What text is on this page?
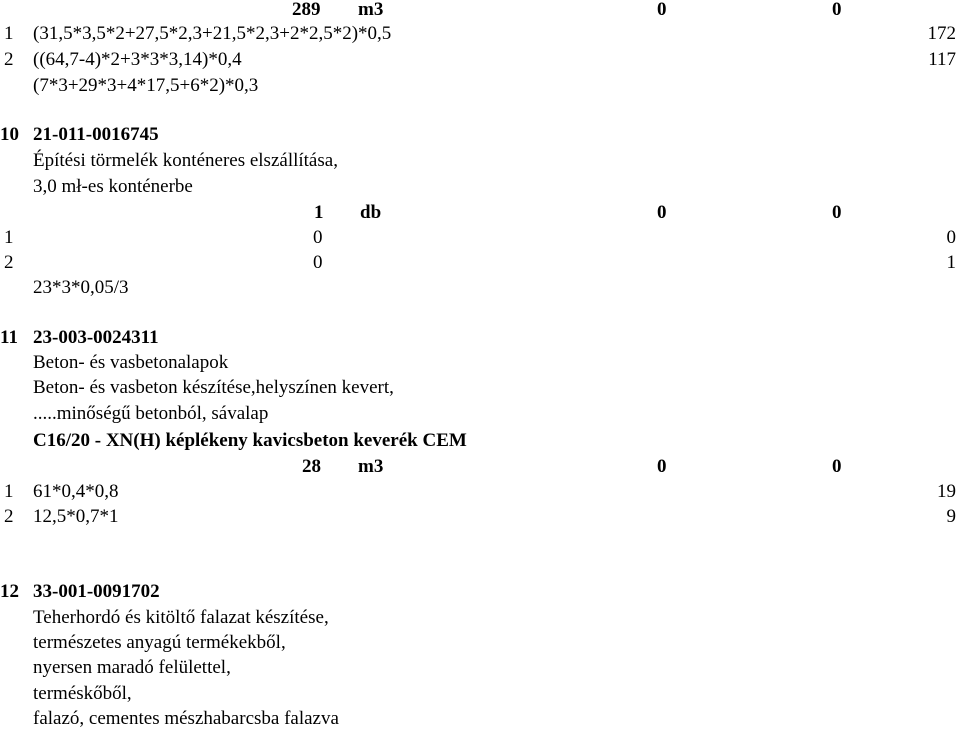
289 m3	0	0
1 (31,5*3,5*2+27,5*2,3+21,5*2,3+2*2,5*2)*0,5	172
2 ((64,7-4)*2+3*3*3,14)*0,4	117
(7*3+29*3+4*17,5+6*2)*0,3
10 21-011-0016745
Építési törmelék konténeres elszállítása,
3,0 mł-es konténerbe
1 db	0	0
1	0	0
2	0	1
23*3*0,05/3
11 23-003-0024311
Beton- és vasbetonalapok
Beton- és vasbeton készítése,helyszínen kevert,
.....minőségű betonból, sávalap
C16/20 - XN(H) képlékeny kavicsbeton keverék CEM
28 m3	0	0
1 61*0,4*0,8	19
2 12,5*0,7*1	9
12 33-001-0091702
Teherhordó és kitöltő falazat készítése,
természetes anyagú termékekből,
nyersen maradó felülettel,
terméskőből,
falazó, cementes mészhabarcsba falazva
